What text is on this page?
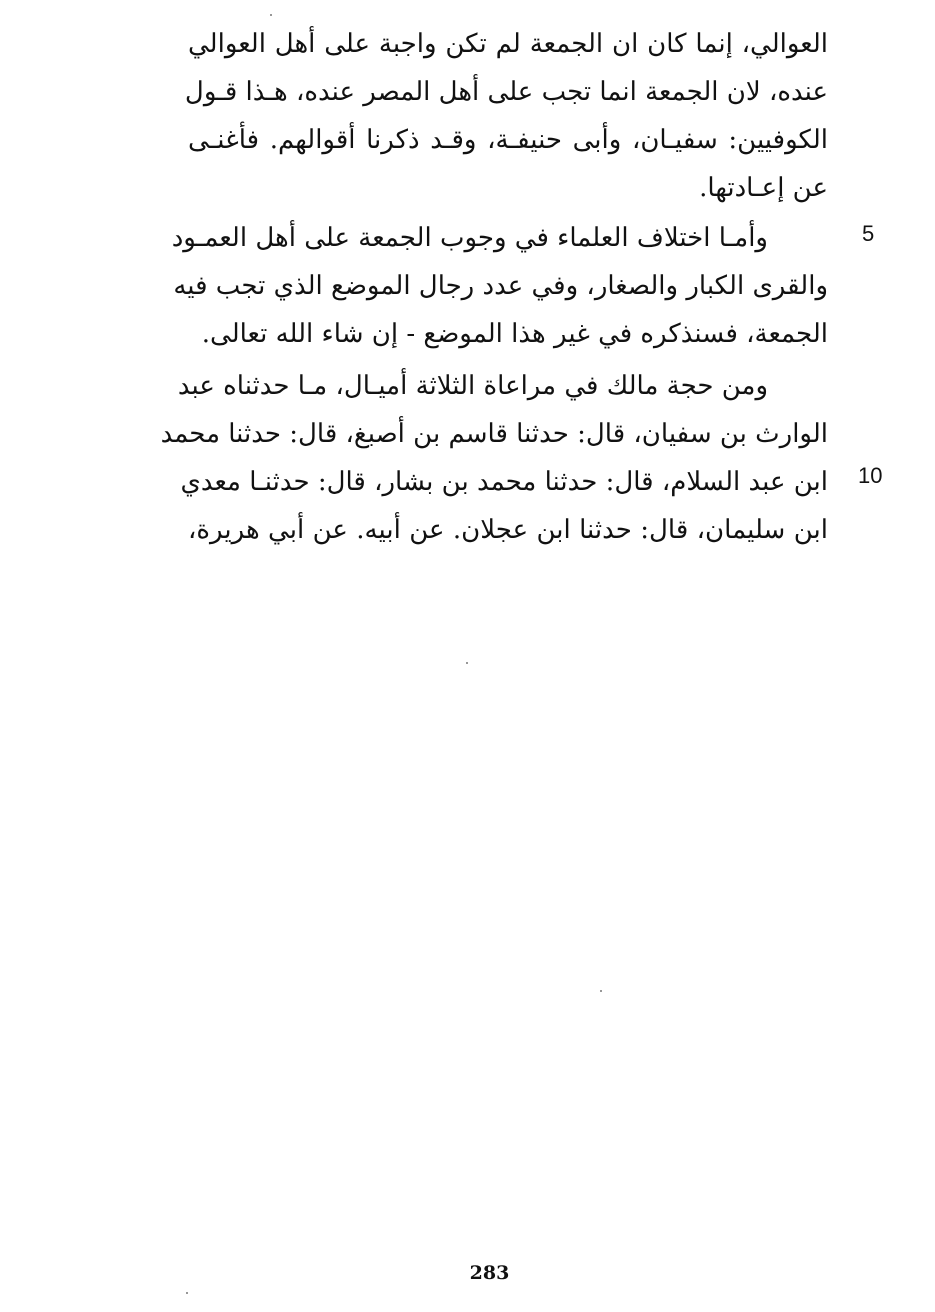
العوالي، إنما كان ان الجمعة لم تكن واجبة على أهل العوالي
عنده، لان الجمعة انما تجب على أهل المصر عنده، هـذا قـول
الكوفيين: سفيـان، وأبى حنيفـة، وقـد ذكرنا أقوالهم. فأغنـى
عن إعـادتها.
وأمـا اختلاف العلماء في وجوب الجمعة على أهل العمـود
والقرى الكبار والصغار، وفي عدد رجال الموضع الذي تجب فيه
الجمعة، فسنذكره في غير هذا الموضع - إن شاء الله تعالى.
ومن حجة مالك في مراعاة الثلاثة أميـال، مـا حدثناه عبد
الوارث بن سفيان، قال: حدثنا قاسم بن أصبغ، قال: حدثنا محمد
ابن عبد السلام، قال: حدثنا محمد بن بشار، قال: حدثنـا معدي
ابن سليمان، قال: حدثنا ابن عجلان. عن أبيه. عن أبي هريرة،
5
10
283
